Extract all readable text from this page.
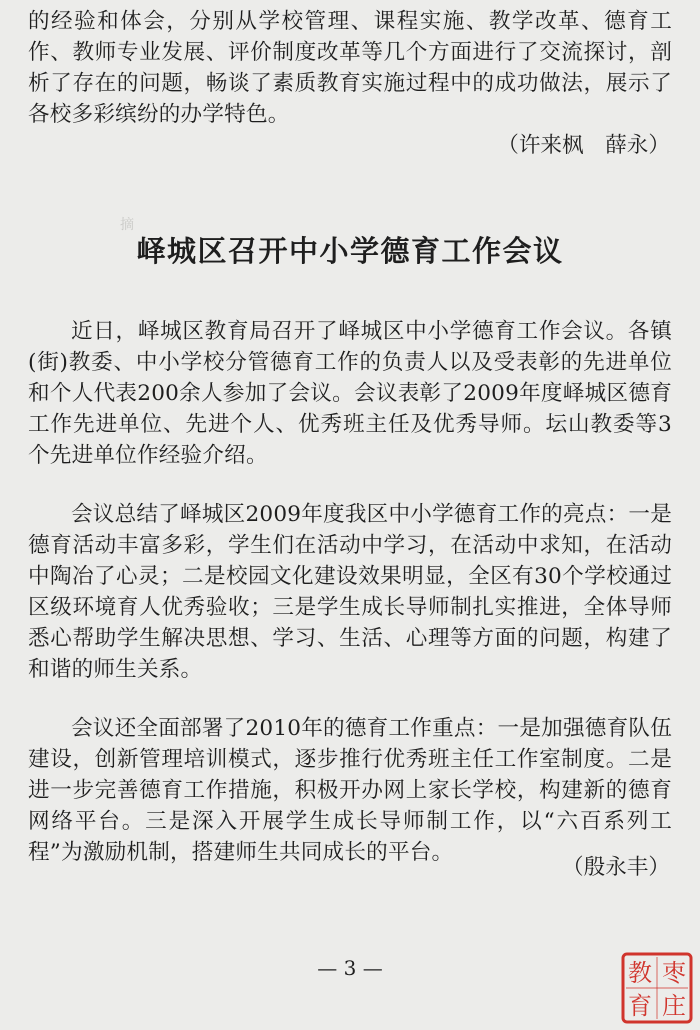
的经验和体会，分别从学校管理、课程实施、教学改革、德育工作、教师专业发展、评价制度改革等几个方面进行了交流探讨，剖析了存在的问题，畅谈了素质教育实施过程中的成功做法，展示了各校多彩缤纷的办学特色。

（许来枫　薛永）
摘
峄城区召开中小学德育工作会议

近日，峄城区教育局召开了峄城区中小学德育工作会议。各镇(街)教委、中小学校分管德育工作的负责人以及受表彰的先进单位和个人代表200余人参加了会议。会议表彰了2009年度峄城区德育工作先进单位、先进个人、优秀班主任及优秀导师。坛山教委等3个先进单位作经验介绍。

会议总结了峄城区2009年度我区中小学德育工作的亮点：一是德育活动丰富多彩，学生们在活动中学习，在活动中求知，在活动中陶冶了心灵；二是校园文化建设效果明显，全区有30个学校通过区级环境育人优秀验收；三是学生成长导师制扎实推进，全体导师悉心帮助学生解决思想、学习、生活、心理等方面的问题，构建了和谐的师生关系。

会议还全面部署了2010年的德育工作重点：一是加强德育队伍建设，创新管理培训模式，逐步推行优秀班主任工作室制度。二是进一步完善德育工作措施，积极开办网上家长学校，构建新的德育网络平台。三是深入开展学生成长导师制工作，以“六百系列工程”为激励机制，搭建师生共同成长的平台。

（殷永丰）
— 3 —	枣
庄
教
育
